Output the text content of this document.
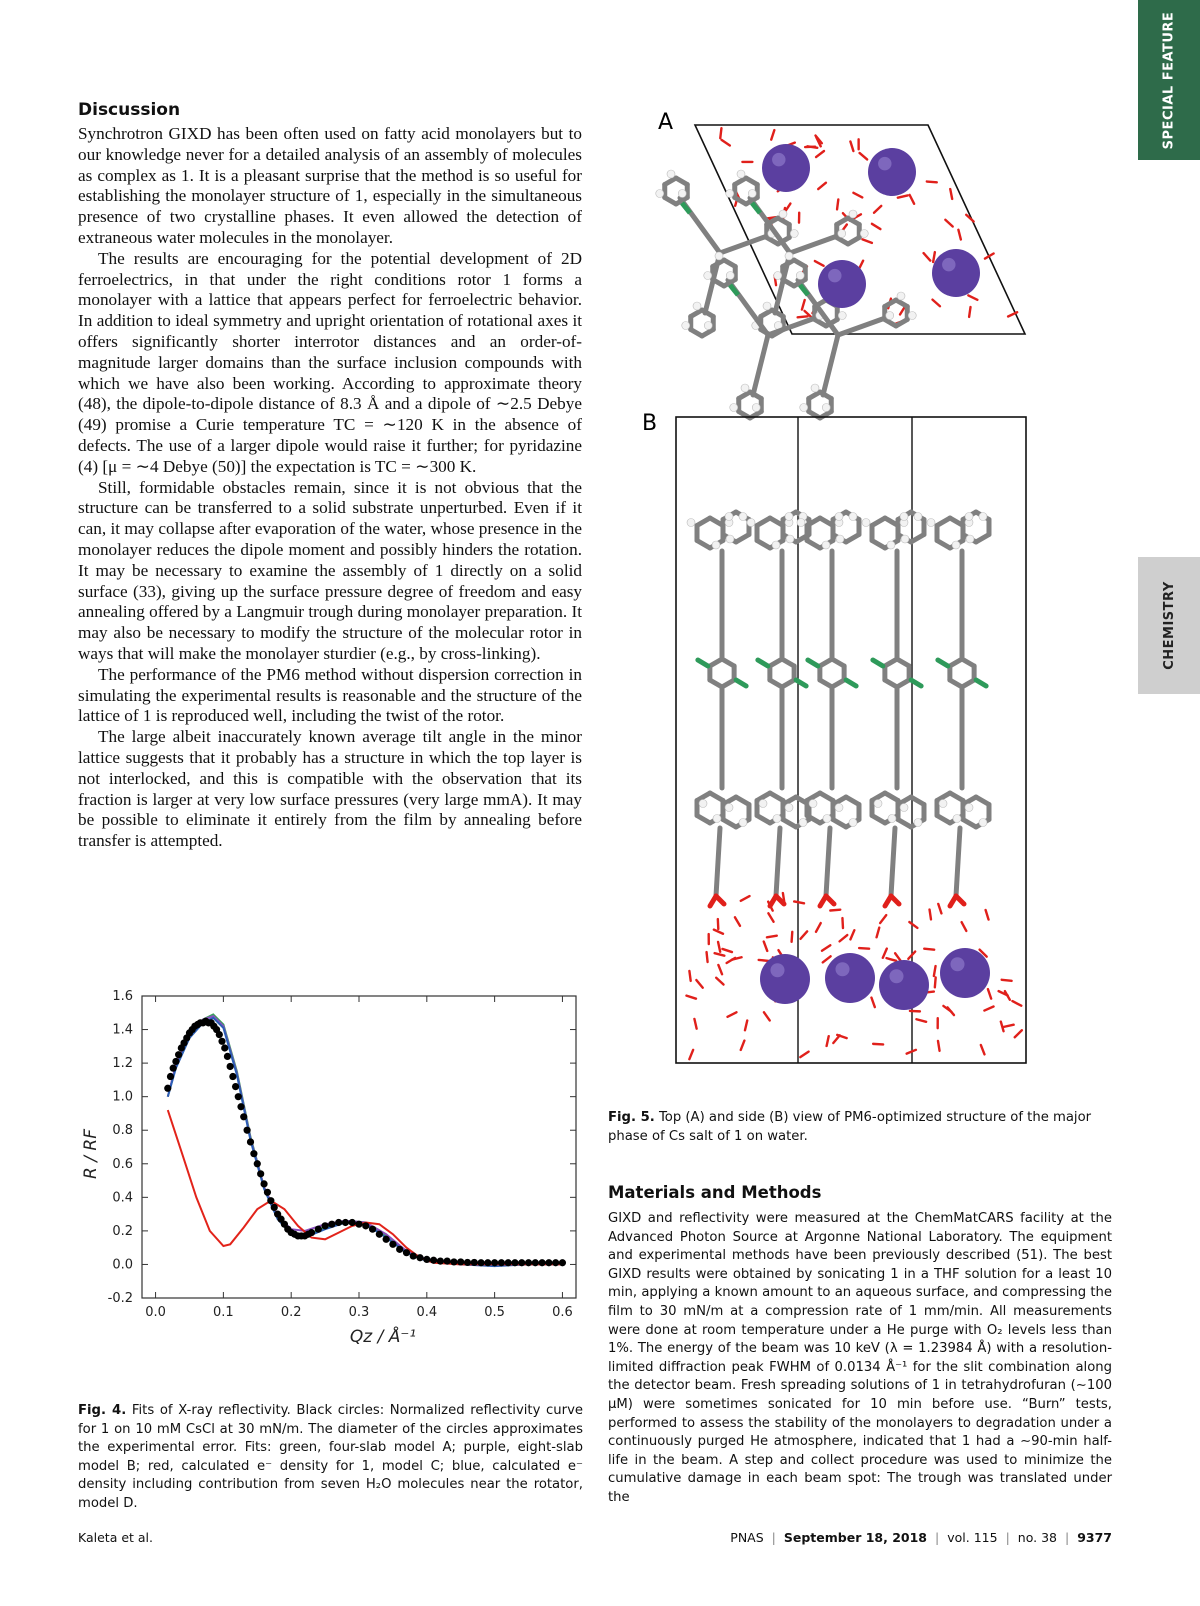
SPECIAL FEATURE
CHEMISTRY
Discussion

Synchrotron GIXD has been often used on fatty acid monolayers but to our knowledge never for a detailed analysis of an assembly of molecules as complex as 1. It is a pleasant surprise that the method is so useful for establishing the monolayer structure of 1, especially in the simultaneous presence of two crystalline phases. It even allowed the detection of extraneous water molecules in the monolayer.

The results are encouraging for the potential development of 2D ferroelectrics, in that under the right conditions rotor 1 forms a monolayer with a lattice that appears perfect for ferroelectric behavior. In addition to ideal symmetry and upright orientation of rotational axes it offers significantly shorter interrotor distances and an order-of-magnitude larger domains than the surface inclusion compounds with which we have also been working. According to approximate theory (48), the dipole-to-dipole distance of 8.3 Å and a dipole of ∼2.5 Debye (49) promise a Curie temperature TC = ∼120 K in the absence of defects. The use of a larger dipole would raise it further; for pyridazine (4) [μ = ∼4 Debye (50)] the expectation is TC = ∼300 K.

Still, formidable obstacles remain, since it is not obvious that the structure can be transferred to a solid substrate unperturbed. Even if it can, it may collapse after evaporation of the water, whose presence in the monolayer reduces the dipole moment and possibly hinders the rotation. It may be necessary to examine the assembly of 1 directly on a solid surface (33), giving up the surface pressure degree of freedom and easy annealing offered by a Langmuir trough during monolayer preparation. It may also be necessary to modify the structure of the molecular rotor in ways that will make the monolayer sturdier (e.g., by cross-linking).

The performance of the PM6 method without dispersion correction in simulating the experimental results is reasonable and the structure of the lattice of 1 is reproduced well, including the twist of the rotor.

The large albeit inaccurately known average tilt angle in the minor lattice suggests that it probably has a structure in which the top layer is not interlocked, and this is compatible with the observation that its fraction is larger at very low surface pressures (very large mmA). It may be possible to eliminate it entirely from the film by annealing before transfer is attempted.

0.0	0.1	0.2	0.3	0.4	0.5	0.6
-0.2
0.0
0.2
0.4
0.6
0.8
1.0
1.2
1.4
1.6
R / RF
Qz / Å⁻¹
Fig. 4. Fits of X-ray reflectivity. Black circles: Normalized reflectivity curve for 1 on 10 mM CsCl at 30 mN/m. The diameter of the circles approximates the experimental error. Fits: green, four-slab model A; purple, eight-slab model B; red, calculated e⁻ density for 1, model C; blue, calculated e⁻ density including contribution from seven H₂O molecules near the rotator, model D.
A
B
Fig. 5. Top (A) and side (B) view of PM6-optimized structure of the major phase of Cs salt of 1 on water.
Materials and Methods

GIXD and reflectivity were measured at the ChemMatCARS facility at the Advanced Photon Source at Argonne National Laboratory. The equipment and experimental methods have been previously described (51). The best GIXD results were obtained by sonicating 1 in a THF solution for a least 10 min, applying a known amount to an aqueous surface, and compressing the film to 30 mN/m at a compression rate of 1 mm/min. All measurements were done at room temperature under a He purge with O₂ levels less than 1%. The energy of the beam was 10 keV (λ = 1.23984 Å) with a resolution-limited diffraction peak FWHM of 0.0134 Å⁻¹ for the slit combination along the detector beam. Fresh spreading solutions of 1 in tetrahydrofuran (∼100 μM) were sometimes sonicated for 10 min before use. “Burn” tests, performed to assess the stability of the monolayers to degradation under a continuously purged He atmosphere, indicated that 1 had a ∼90-min half-life in the beam. A step and collect procedure was used to minimize the cumulative damage in each beam spot: The trough was translated under the

Kaleta et al.	PNAS | September 18, 2018 | vol. 115 | no. 38 | 9377
